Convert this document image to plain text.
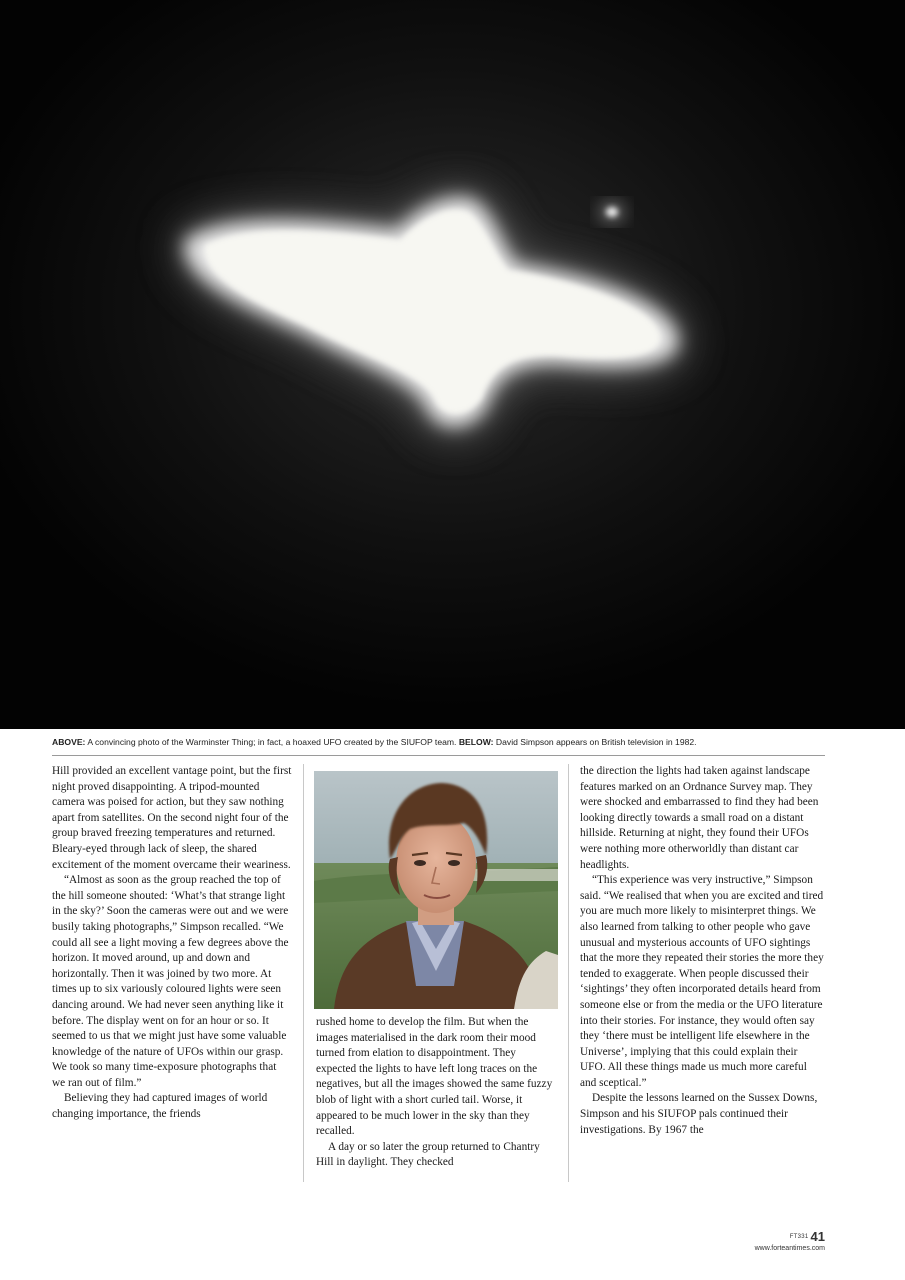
ABOVE: A convincing photo of the Warminster Thing; in fact, a hoaxed UFO created by the SIUFOP team. BELOW: David Simpson appears on British television in 1982.

Hill provided an excellent vantage point, but the first night proved disappointing. A tripod-mounted camera was poised for action, but they saw nothing apart from satellites. On the second night four of the group braved freezing temperatures and returned. Bleary-eyed through lack of sleep, the shared excitement of the moment overcame their weariness.

“Almost as soon as the group reached the top of the hill someone shouted: ‘What’s that strange light in the sky?’ Soon the cameras were out and we were busily taking photographs,” Simpson recalled. “We could all see a light moving a few degrees above the horizon. It moved around, up and down and horizontally. Then it was joined by two more. At times up to six variously coloured lights were seen dancing around. We had never seen anything like it before. The display went on for an hour or so. It seemed to us that we might just have some valuable knowledge of the nature of UFOs within our grasp. We took so many time-exposure photographs that we ran out of film.”

Believing they had captured images of world changing importance, the friends

rushed home to develop the film. But when the images materialised in the dark room their mood turned from elation to disappointment. They expected the lights to have left long traces on the negatives, but all the images showed the same fuzzy blob of light with a short curled tail. Worse, it appeared to be much lower in the sky than they recalled.

A day or so later the group returned to Chantry Hill in daylight. They checked

the direction the lights had taken against landscape features marked on an Ordnance Survey map. They were shocked and embarrassed to find they had been looking directly towards a small road on a distant hillside. Returning at night, they found their UFOs were nothing more otherworldly than distant car headlights.

“This experience was very instructive,” Simpson said. “We realised that when you are excited and tired you are much more likely to misinterpret things. We also learned from talking to other people who gave unusual and mysterious accounts of UFO sightings that the more they repeated their stories the more they tended to exaggerate. When people discussed their ‘sightings’ they often incorporated details heard from someone else or from the media or the UFO literature into their stories. For instance, they would often say they ‘there must be intelligent life elsewhere in the Universe’, implying that this could explain their UFO. All these things made us much more careful and sceptical.”

Despite the lessons learned on the Sussex Downs, Simpson and his SIUFOP pals continued their investigations. By 1967 the

FT331 41
www.forteantimes.com
